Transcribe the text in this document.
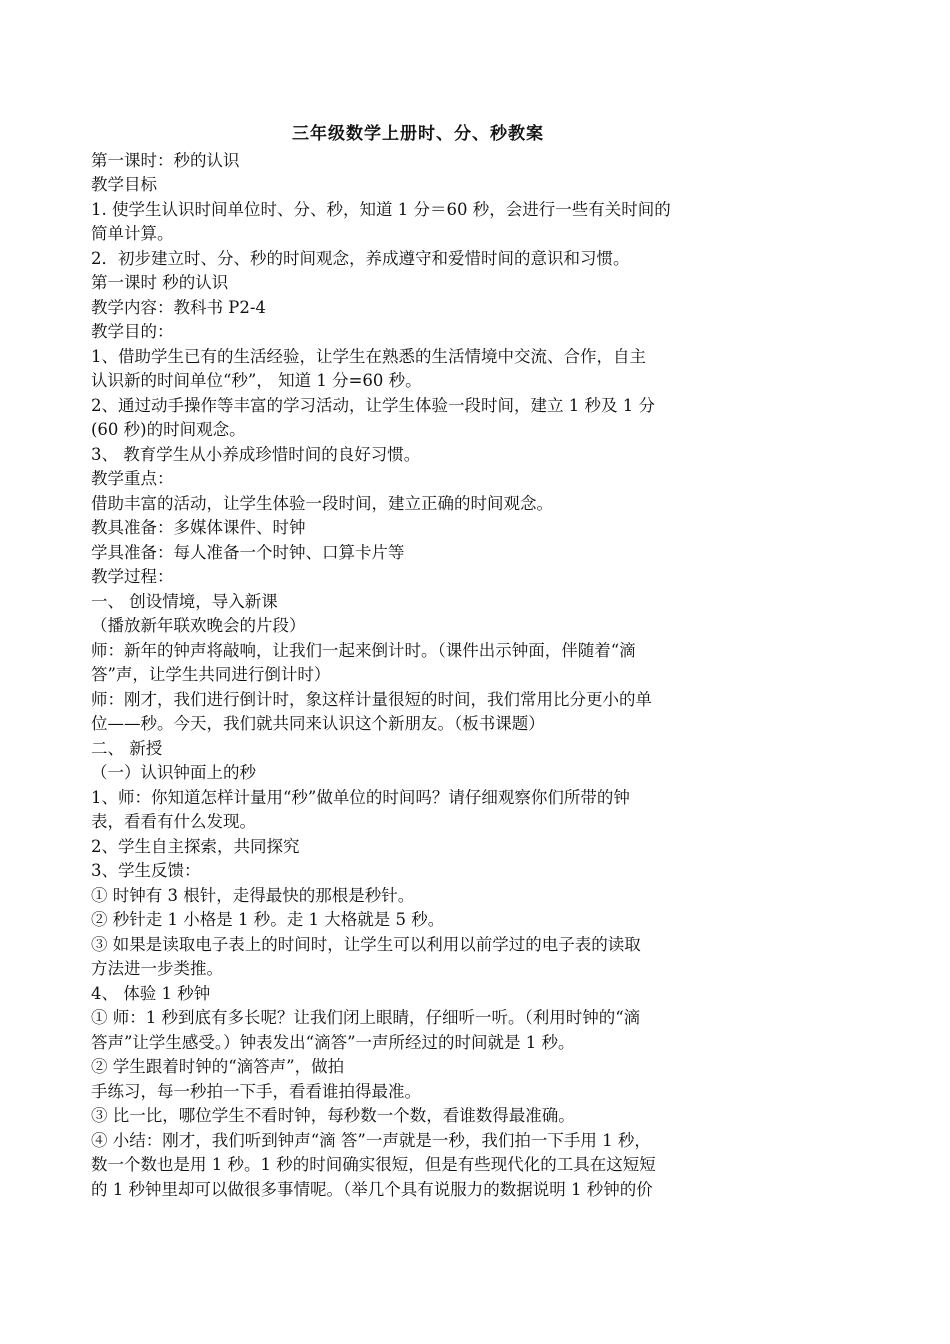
三年级数学上册时、分、秒教案

第一课时：秒的认识

教学目标

1. 使学生认识时间单位时、分、秒，知道 1 分＝60 秒，会进行一些有关时间的

简单计算。

2．初步建立时、分、秒的时间观念，养成遵守和爱惜时间的意识和习惯。

第一课时 秒的认识

教学内容：教科书 P2-4

教学目的：

1、借助学生已有的生活经验，让学生在熟悉的生活情境中交流、合作，自主

认识新的时间单位“秒”， 知道 1 分=60 秒。

2、通过动手操作等丰富的学习活动，让学生体验一段时间，建立 1 秒及 1 分

(60 秒)的时间观念。

3、 教育学生从小养成珍惜时间的良好习惯。

教学重点：

借助丰富的活动，让学生体验一段时间，建立正确的时间观念。

教具准备：多媒体课件、时钟

学具准备：每人准备一个时钟、口算卡片等

教学过程：

一、 创设情境，导入新课

（播放新年联欢晚会的片段）

师：新年的钟声将敲响，让我们一起来倒计时。（课件出示钟面，伴随着“滴

答”声，让学生共同进行倒计时）

师：刚才，我们进行倒计时，象这样计量很短的时间，我们常用比分更小的单

位——秒。今天，我们就共同来认识这个新朋友。（板书课题）

二、 新授

（一）认识钟面上的秒

1、师：你知道怎样计量用“秒”做单位的时间吗？请仔细观察你们所带的钟

表，看看有什么发现。

2、学生自主探索，共同探究

3、学生反馈：

① 时钟有 3 根针，走得最快的那根是秒针。

② 秒针走 1 小格是 1 秒。走 1 大格就是 5 秒。

③ 如果是读取电子表上的时间时，让学生可以利用以前学过的电子表的读取

方法进一步类推。

4、 体验 1 秒钟

① 师：1 秒到底有多长呢？让我们闭上眼睛，仔细听一听。（利用时钟的“滴

答声”让学生感受。）钟表发出“滴答”一声所经过的时间就是 1 秒。

② 学生跟着时钟的“滴答声”，做拍

手练习，每一秒拍一下手，看看谁拍得最准。

③ 比一比，哪位学生不看时钟，每秒数一个数，看谁数得最准确。

④ 小结：刚才，我们听到钟声“滴 答”一声就是一秒，我们拍一下手用 1 秒，

数一个数也是用 1 秒。1 秒的时间确实很短，但是有些现代化的工具在这短短

的 1 秒钟里却可以做很多事情呢。（举几个具有说服力的数据说明 1 秒钟的价
